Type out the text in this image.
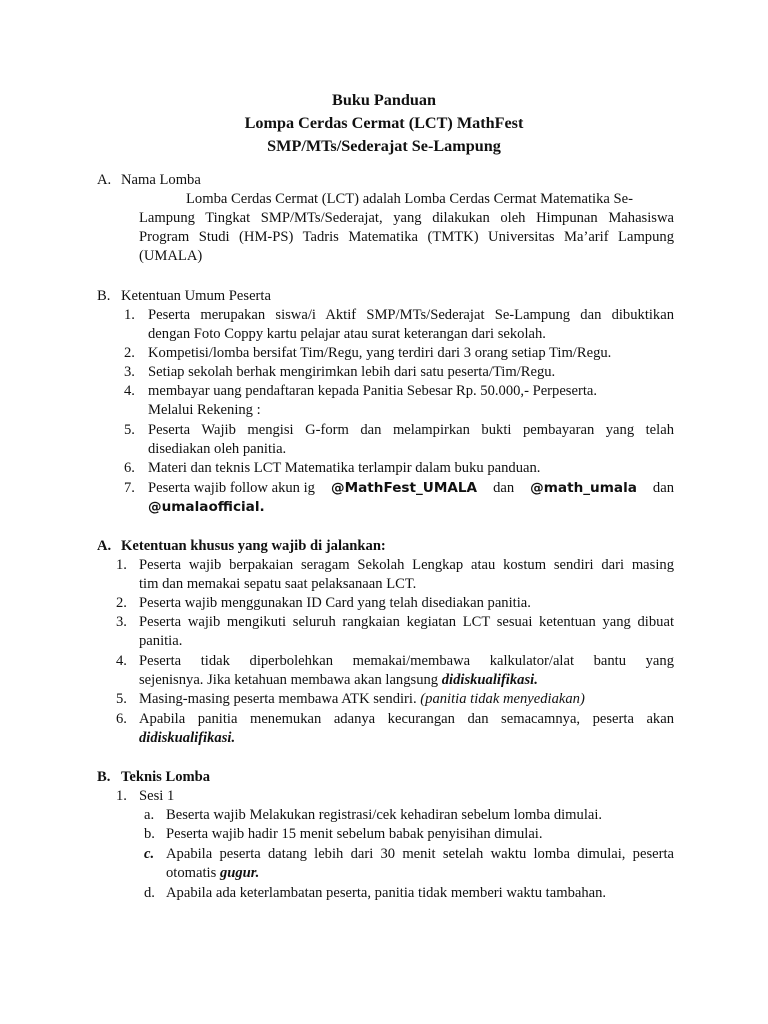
Buku Panduan
Lompa Cerdas Cermat (LCT) MathFest
SMP/MTs/Sederajat Se-Lampung
A. Nama Lomba
Lomba Cerdas Cermat (LCT) adalah Lomba Cerdas Cermat Matematika Se-
Lampung Tingkat SMP/MTs/Sederajat, yang dilakukan oleh Himpunan Mahasiswa
Program Studi (HM-PS) Tadris Matematika (TMTK) Universitas Ma’arif Lampung
(UMALA)
B. Ketentuan Umum Peserta
1. Peserta merupakan siswa/i Aktif SMP/MTs/Sederajat Se-Lampung dan dibuktikan
dengan Foto Coppy kartu pelajar atau surat keterangan dari sekolah.
2. Kompetisi/lomba bersifat Tim/Regu, yang terdiri dari 3 orang setiap Tim/Regu.
3. Setiap sekolah berhak mengirimkan lebih dari satu peserta/Tim/Regu.
4. membayar uang pendaftaran kepada Panitia Sebesar Rp. 50.000,- Perpeserta.
Melalui Rekening :
5. Peserta Wajib mengisi G-form dan melampirkan bukti pembayaran yang telah
disediakan oleh panitia.
6. Materi dan teknis LCT Matematika terlampir dalam buku panduan.
7. Peserta wajib follow akun ig @MathFest_UMALA dan @math_umala dan
@umalaofficial.
A. Ketentuan khusus yang wajib di jalankan:
1. Peserta wajib berpakaian seragam Sekolah Lengkap atau kostum sendiri dari masing
tim dan memakai sepatu saat pelaksanaan LCT.
2. Peserta wajib menggunakan ID Card yang telah disediakan panitia.
3. Peserta wajib mengikuti seluruh rangkaian kegiatan LCT sesuai ketentuan yang dibuat
panitia.
4. Peserta tidak diperbolehkan memakai/membawa kalkulator/alat bantu yang
sejenisnya. Jika ketahuan membawa akan langsung didiskualifikasi.
5. Masing-masing peserta membawa ATK sendiri. (panitia tidak menyediakan)
6. Apabila panitia menemukan adanya kecurangan dan semacamnya, peserta akan
didiskualifikasi.
B. Teknis Lomba
1. Sesi 1
a. Beserta wajib Melakukan registrasi/cek kehadiran sebelum lomba dimulai.
b. Peserta wajib hadir 15 menit sebelum babak penyisihan dimulai.
c. Apabila peserta datang lebih dari 30 menit setelah waktu lomba dimulai, peserta
otomatis gugur.
d. Apabila ada keterlambatan peserta, panitia tidak memberi waktu tambahan.
